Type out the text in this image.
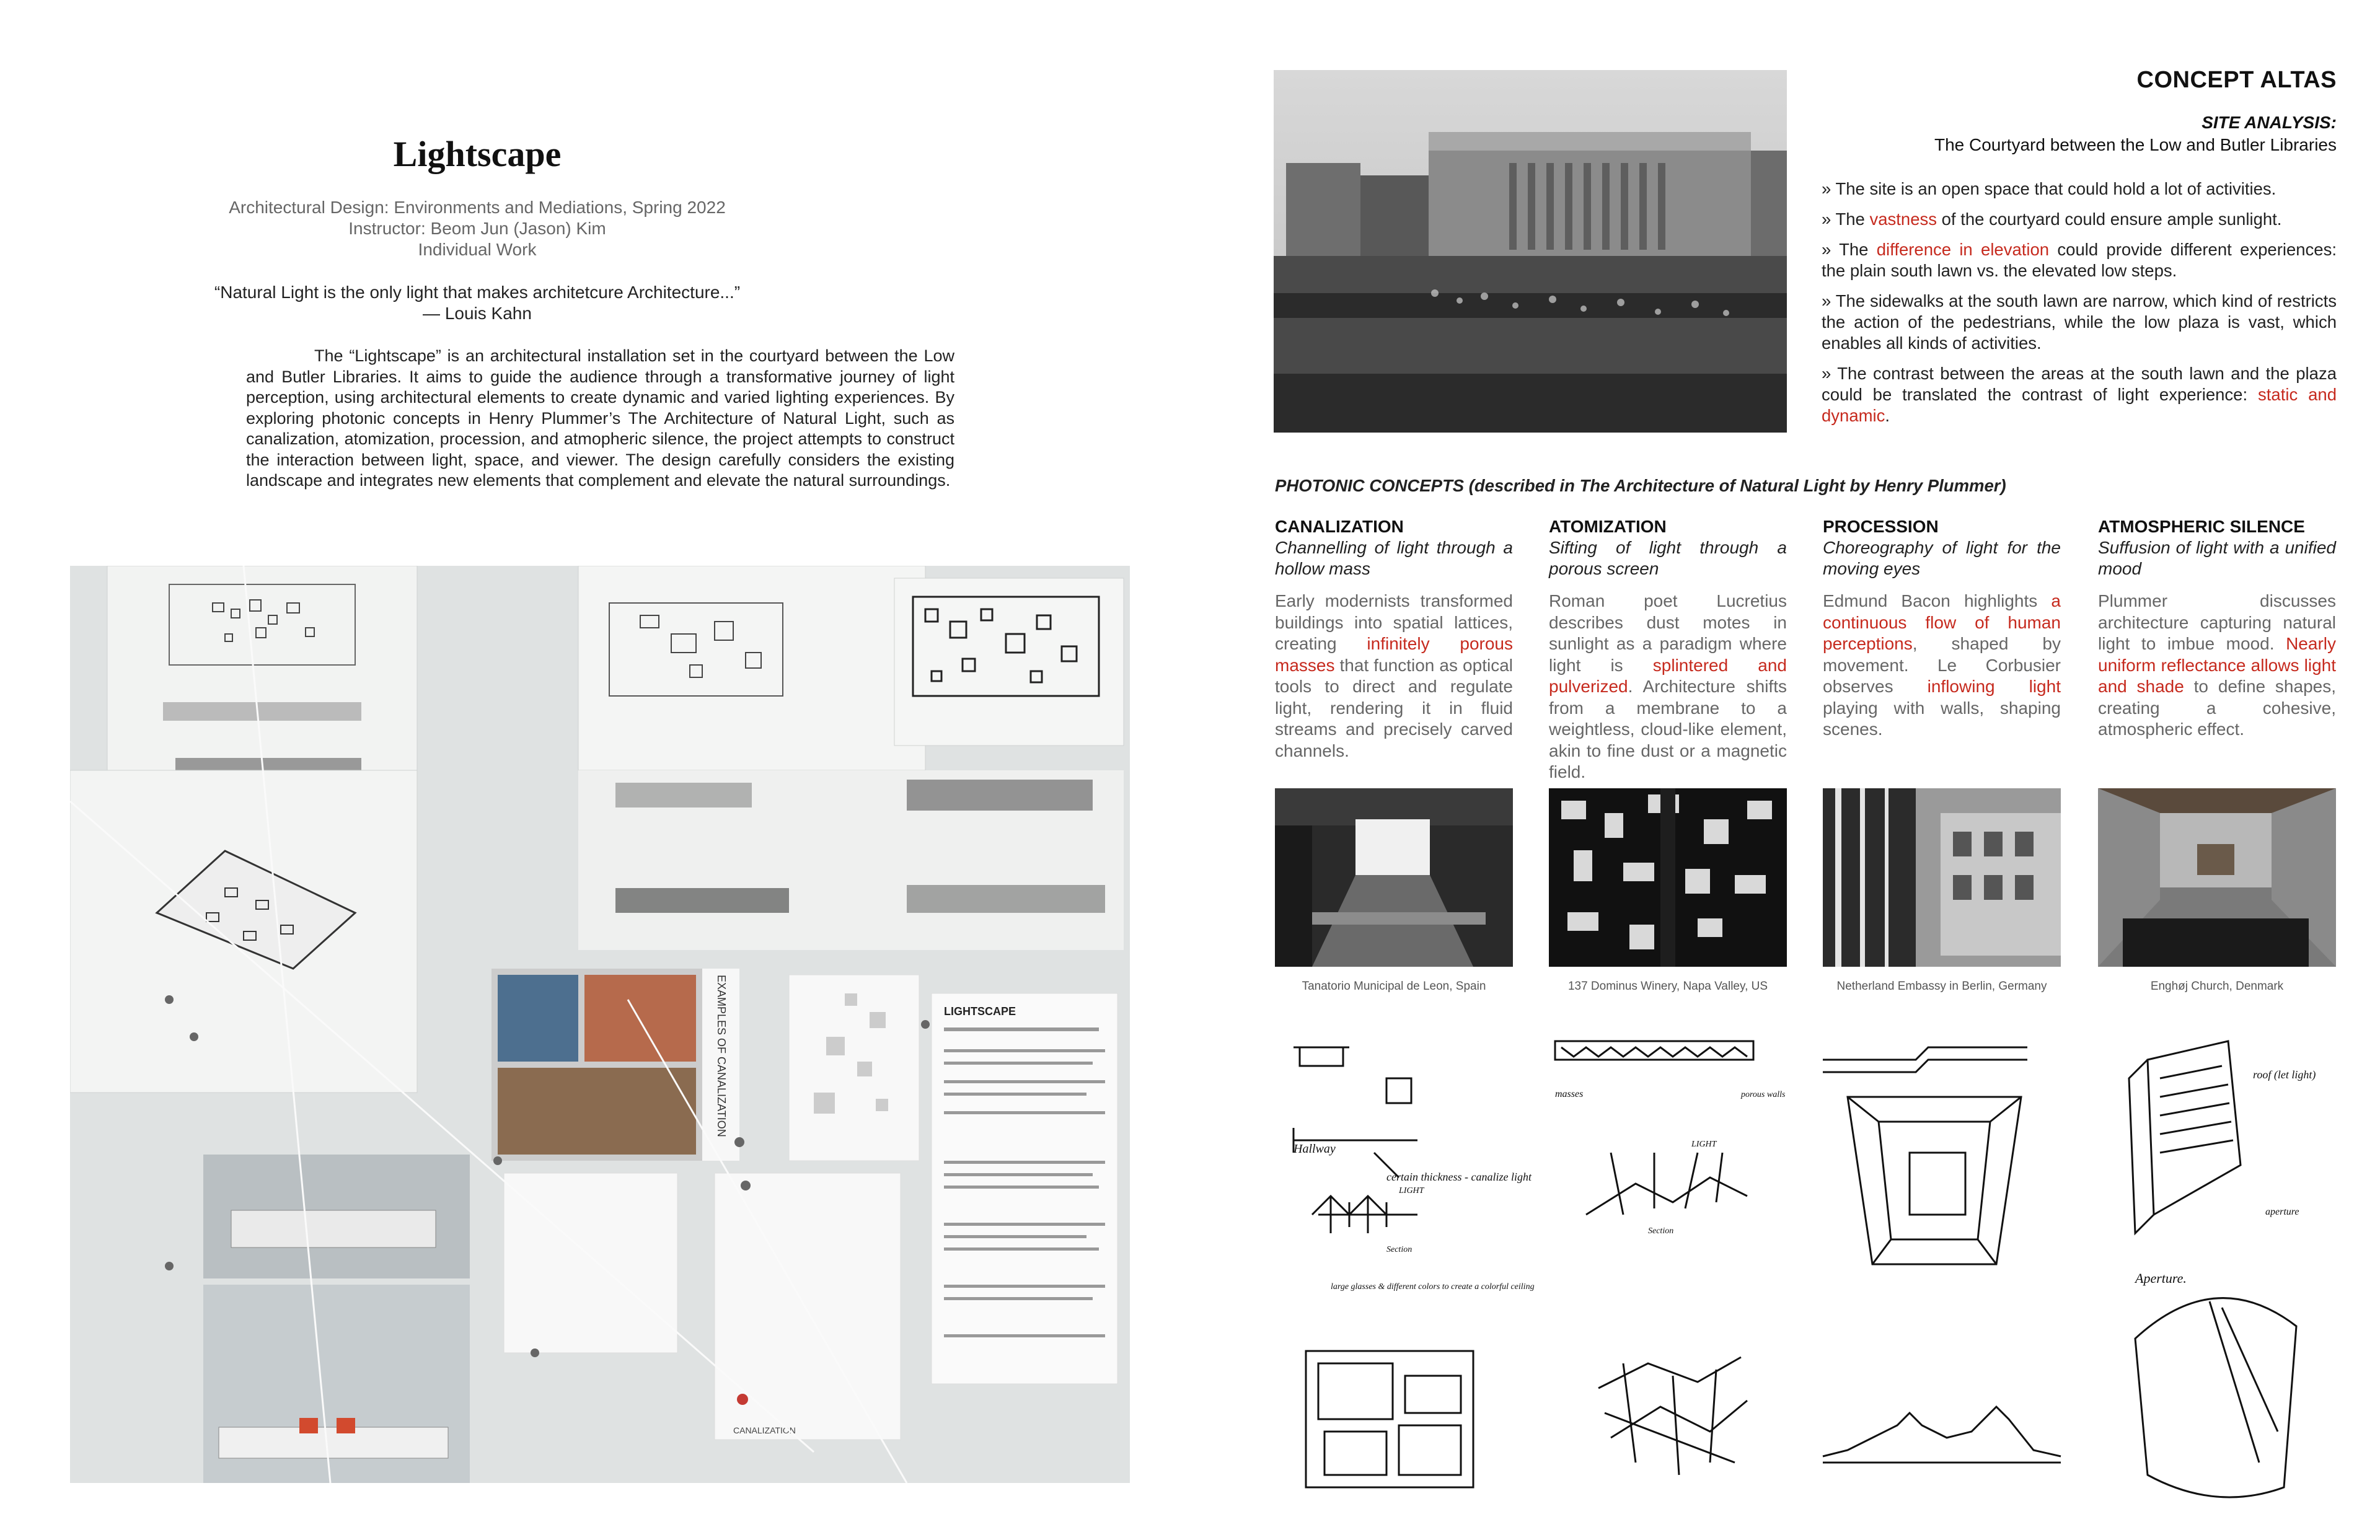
Lightscape
Architectural Design: Environments and Mediations, Spring 2022
Instructor: Beom Jun (Jason) Kim
Individual Work
“Natural Light is the only light that makes architetcure Architecture...”
— Louis Kahn
The “Lightscape” is an architectural installation set in the courtyard between the Low and Butler Libraries. It aims to guide the audience through a transformative journey of light perception, using architectural elements to create dynamic and varied lighting experiences. By exploring photonic concepts in Henry Plummer’s The Architecture of Natural Light, such as canalization, atomization, procession, and atmopheric silence, the project attempts to construct the interaction between light, space, and viewer. The design carefully considers the existing landscape and integrates new elements that complement and elevate the natural surroundings.
EXAMPLES OF CANALIZATION	LIGHTSCAPE
CANALIZATION
CONCEPT ALTAS
SITE ANALYSIS:
The Courtyard between the Low and Butler Libraries
» The site is an open space that could hold a lot of activities.
» The vastness of the courtyard could ensure ample sunlight.
» The difference in elevation could provide different experiences: the plain south lawn vs. the elevated low steps.
» The sidewalks at the south lawn are narrow, which kind of restricts the action of the pedestrians, while the low plaza is vast, which enables all kinds of activities.
» The contrast between the areas at the south lawn and the plaza could be translated the contrast of light experience: static and dynamic.
PHOTONIC CONCEPTS (described in The Architecture of Natural Light by Henry Plummer)
CANALIZATION
Channelling of light through a hollow mass
Early modernists transformed buildings into spatial lattices, creating infinitely porous masses that function as optical tools to direct and regulate light, rendering it in fluid streams and precisely carved channels.
ATOMIZATION
Sifting of light through a porous screen
Roman poet Lucretius describes dust motes in sunlight as a paradigm where light is splintered and pulverized. Architecture shifts from a membrane to a weightless, cloud-like element, akin to fine dust or a magnetic field.
PROCESSION
Choreography of light for the moving eyes
Edmund Bacon highlights a continuous flow of human perceptions, shaped by movement. Le Corbusier observes inflowing light playing with walls, shaping scenes.
ATMOSPHERIC SILENCE
Suffusion of light with a unified mood
Plummer discusses architecture capturing natural light to imbue mood. Nearly uniform reflectance allows light and shade to define shapes, creating a cohesive, atmospheric effect.
Tanatorio Municipal de Leon, Spain	137 Dominus Winery, Napa Valley, US	Netherland Embassy in Berlin, Germany	Enghøj Church, Denmark
Hallway
certain thickness - canalize light
LIGHT
Section
large glasses & different colors to create a colorful ceiling
masses	porous walls
LIGHT
Section
roof (let light)
aperture
Aperture.
